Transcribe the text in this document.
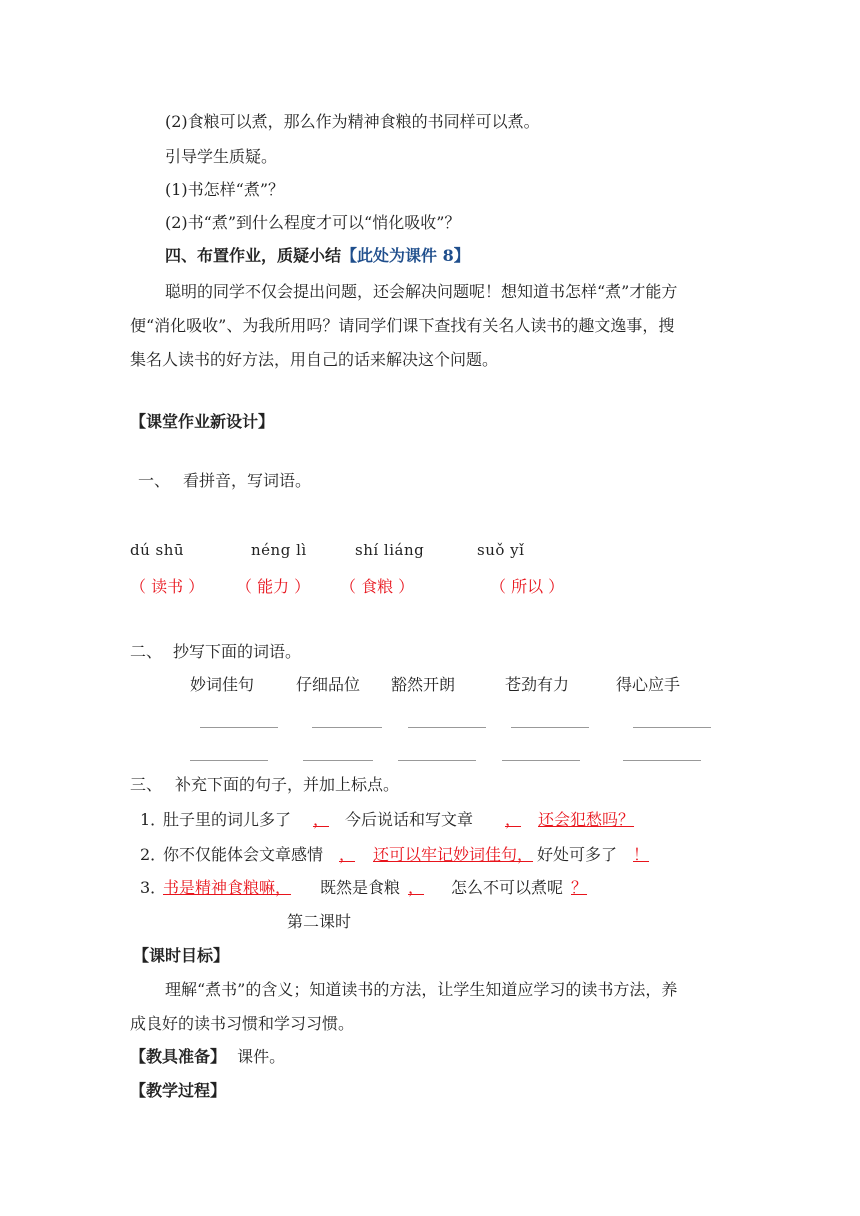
(2)食粮可以煮，那么作为精神食粮的书同样可以煮。
引导学生质疑。
(1)书怎样“煮”？
(2)书“煮”到什么程度才可以“悄化吸收”？
四、布置作业，质疑小结【此处为课件 8】
聪明的同学不仅会提出问题，还会解决问题呢！想知道书怎样“煮”才能方
便“消化吸收”、为我所用吗？请同学们课下查找有关名人读书的趣文逸事，搜
集名人读书的好方法，用自己的话来解决这个问题。
【课堂作业新设计】
一、 看拼音，写词语。
dú shū	néng lì	shí liáng	suǒ yǐ
（ 读书 ） （ 能力 ） （ 食粮 ）	（ 所以 ）
二、 抄写下面的词语。
妙词佳句	仔细品位 豁然开朗	苍劲有力	得心应手
三、 补充下面的句子，并加上标点。
1．
肚子里的词儿多了	，	今后说话和写文章 ，	还会犯愁吗？
2．
你不仅能体会文章感情 ， 还可以牢记妙词佳句， 好处可多了 ！
3．
书是精神食粮嘛， 既然是食粮 ， 怎么不可以煮呢 ？
第二课时
【课时目标】
理解“煮书”的含义；知道读书的方法，让学生知道应学习的读书方法，养
成良好的读书习惯和学习习惯。
【教具准备】 课件。
【教学过程】
